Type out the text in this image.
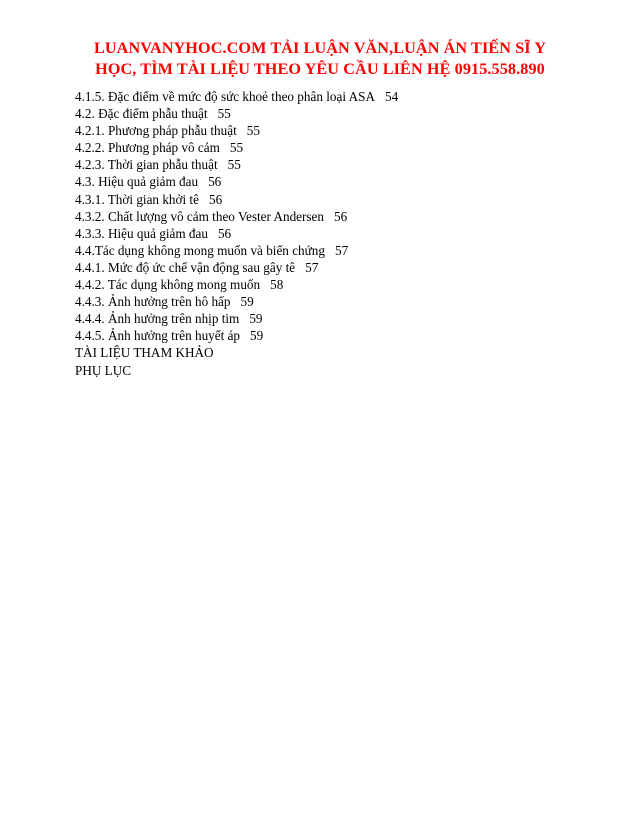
LUANVANYHOC.COM TẢI LUẬN VĂN,LUẬN ÁN TIẾN SĨ Y
HỌC, TÌM TÀI LIỆU THEO YÊU CẦU LIÊN HỆ 0915.558.890
4.1.5. Đặc điểm về mức độ sức khoẻ theo phân loại ASA 54
4.2. Đặc điểm phẫu thuật 55
4.2.1. Phương pháp phẫu thuật 55
4.2.2. Phương pháp vô cảm 55
4.2.3. Thời gian phẫu thuật 55
4.3. Hiệu quả giảm đau 56
4.3.1. Thời gian khởi tê 56
4.3.2. Chất lượng vô cảm theo Vester Andersen 56
4.3.3. Hiệu quả giảm đau 56
4.4.Tác dụng không mong muốn và biến chứng 57
4.4.1. Mức độ ức chế vận động sau gây tê 57
4.4.2. Tác dụng không mong muốn 58
4.4.3. Ảnh hưởng trên hô hấp 59
4.4.4. Ảnh hưởng trên nhịp tim 59
4.4.5. Ảnh hưởng trên huyết áp 59
TÀI LIỆU THAM KHẢO
PHỤ LỤC
